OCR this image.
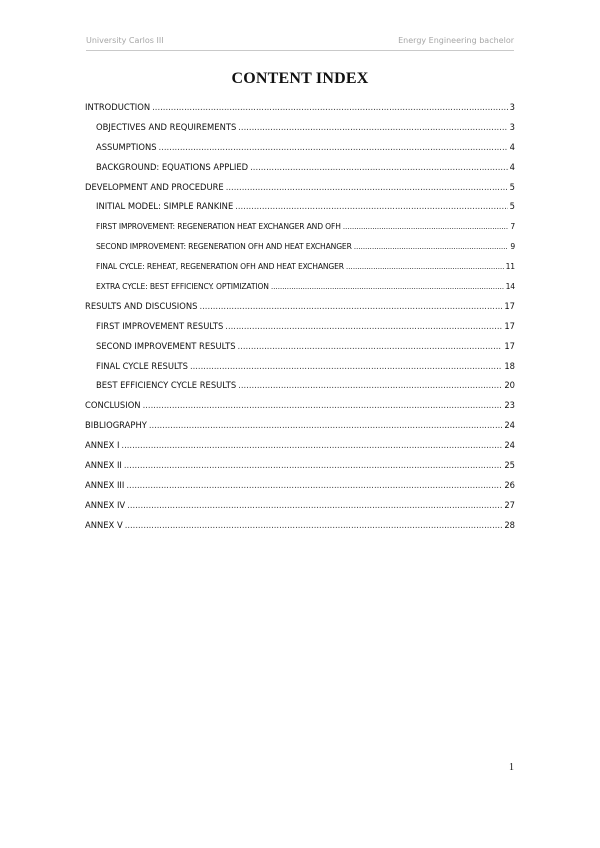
University Carlos III	Energy Engineering bachelor
CONTENT INDEX
INTRODUCTION .....	3
OBJECTIVES AND REQUIREMENTS .....	3
ASSUMPTIONS .....	4
BACKGROUND: EQUATIONS APPLIED .....	4
DEVELOPMENT AND PROCEDURE .....	5
INITIAL MODEL: SIMPLE RANKINE .....	5
FIRST IMPROVEMENT: REGENERATION HEAT EXCHANGER AND OFH .....	7
SECOND IMPROVEMENT: REGENERATION OFH AND HEAT EXCHANGER .....	9
FINAL CYCLE: REHEAT, REGENERATION OFH AND HEAT EXCHANGER .....	11
EXTRA CYCLE: BEST EFFICIENCY. OPTIMIZATION .....	14
RESULTS AND DISCUSIONS .....	17
FIRST IMPROVEMENT RESULTS .....	17
SECOND IMPROVEMENT RESULTS .....	17
FINAL CYCLE RESULTS .....	18
BEST EFFICIENCY CYCLE RESULTS .....	20
CONCLUSION .....	23
BIBLIOGRAPHY .....	24
ANNEX I .....	24
ANNEX II .....	25
ANNEX III .....	26
ANNEX IV .....	27
ANNEX V .....	28
1
